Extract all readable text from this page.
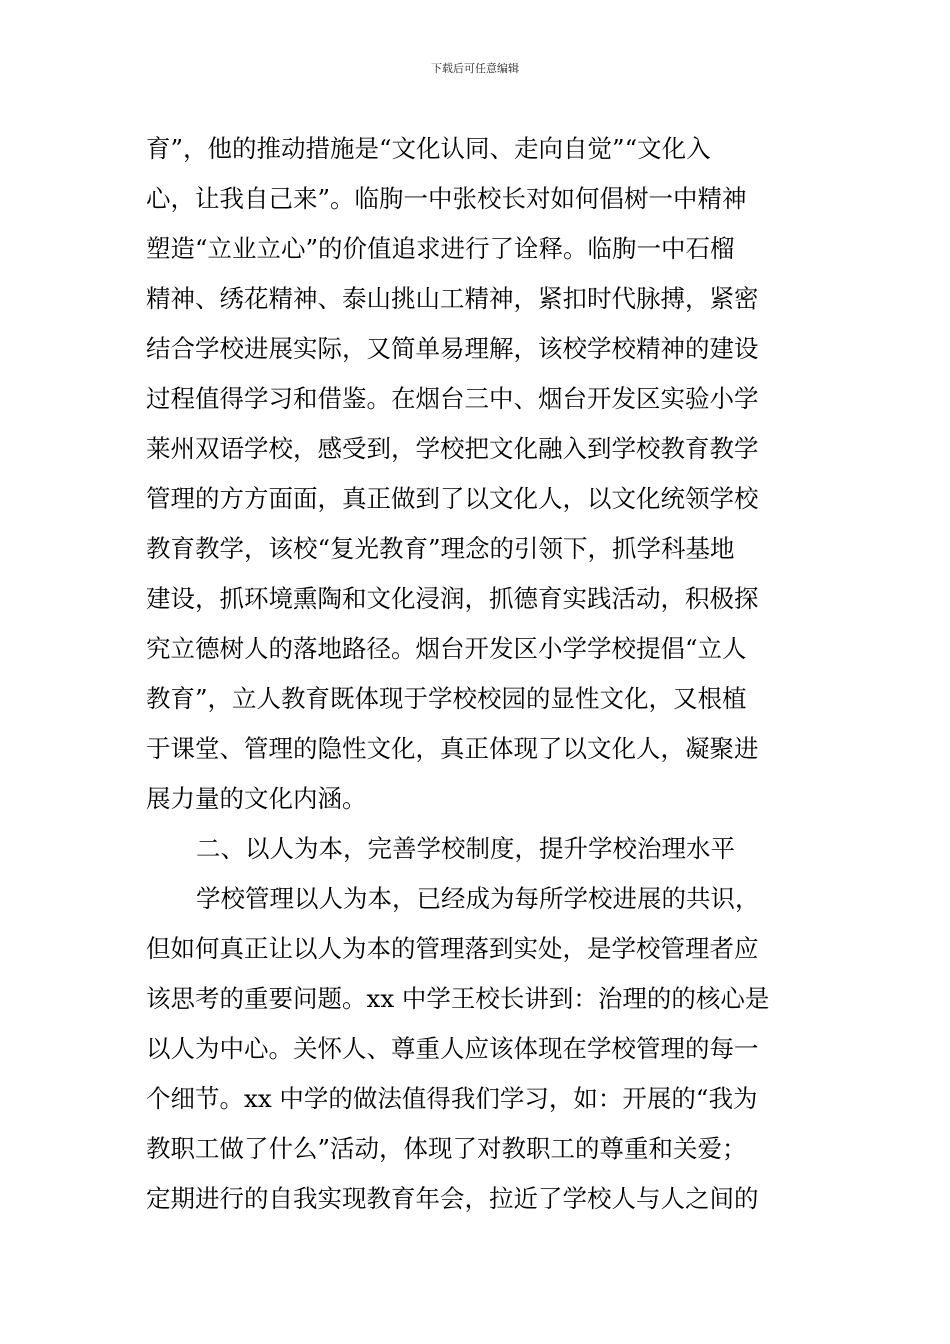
下载后可任意编辑
育”，他的推动措施是“文化认同、走向自觉”“文化入
心，让我自己来”。临朐一中张校长对如何倡树一中精神
塑造“立业立心”的价值追求进行了诠释。临朐一中石榴
精神、绣花精神、泰山挑山工精神，紧扣时代脉搏，紧密
结合学校进展实际，又简单易理解，该校学校精神的建设
过程值得学习和借鉴。在烟台三中、烟台开发区实验小学
莱州双语学校，感受到，学校把文化融入到学校教育教学
管理的方方面面，真正做到了以文化人，以文化统领学校
教育教学，该校“复光教育”理念的引领下，抓学科基地
建设，抓环境熏陶和文化浸润，抓德育实践活动，积极探
究立德树人的落地路径。烟台开发区小学学校提倡“立人
教育”，立人教育既体现于学校校园的显性文化，又根植
于课堂、管理的隐性文化，真正体现了以文化人，凝聚进
展力量的文化内涵。
二、以人为本，完善学校制度，提升学校治理水平
学校管理以人为本，已经成为每所学校进展的共识，
但如何真正让以人为本的管理落到实处，是学校管理者应
该思考的重要问题。xx 中学王校长讲到：治理的的核心是
以人为中心。关怀人、尊重人应该体现在学校管理的每一
个细节。xx 中学的做法值得我们学习，如：开展的“我为
教职工做了什么”活动，体现了对教职工的尊重和关爱；
定期进行的自我实现教育年会，拉近了学校人与人之间的
